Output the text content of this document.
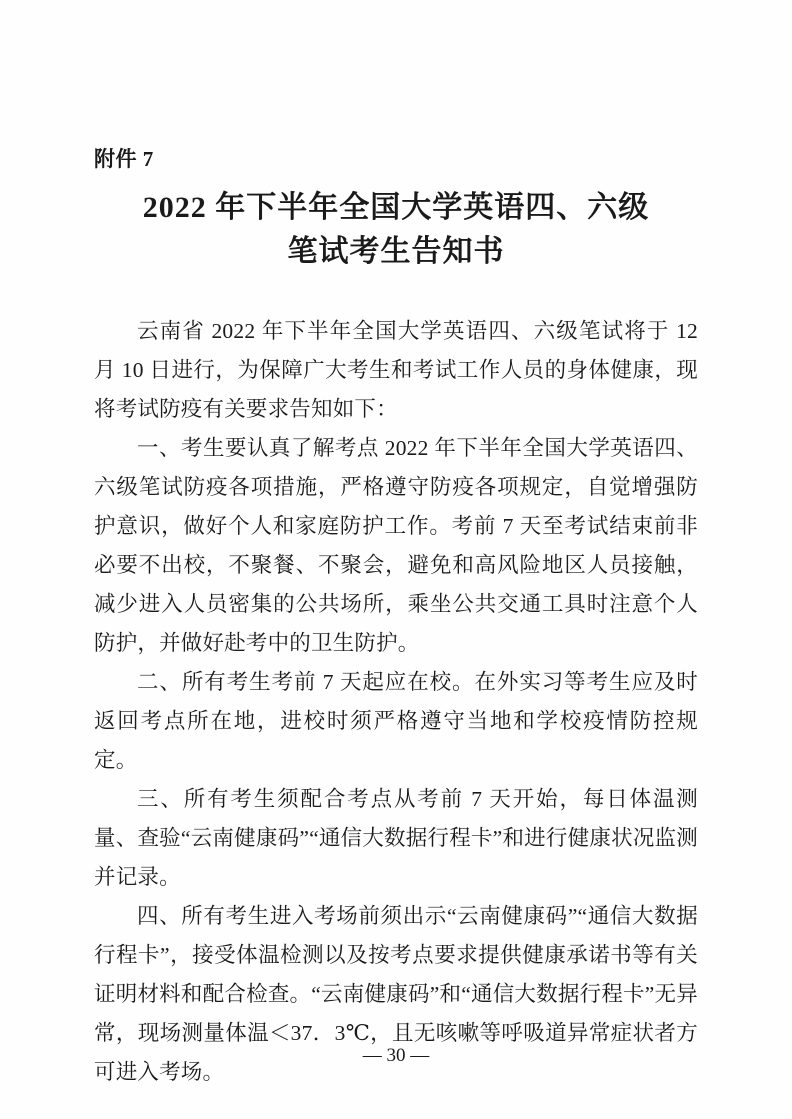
附件 7
2022 年下半年全国大学英语四、六级
笔试考生告知书

云南省 2022 年下半年全国大学英语四、六级笔试将于 12 月 10 日进行，为保障广大考生和考试工作人员的身体健康，现将考试防疫有关要求告知如下：

一、考生要认真了解考点 2022 年下半年全国大学英语四、六级笔试防疫各项措施，严格遵守防疫各项规定，自觉增强防护意识，做好个人和家庭防护工作。考前 7 天至考试结束前非必要不出校，不聚餐、不聚会，避免和高风险地区人员接触，减少进入人员密集的公共场所，乘坐公共交通工具时注意个人防护，并做好赴考中的卫生防护。

二、所有考生考前 7 天起应在校。在外实习等考生应及时返回考点所在地，进校时须严格遵守当地和学校疫情防控规定。

三、所有考生须配合考点从考前 7 天开始，每日体温测量、查验“云南健康码”“通信大数据行程卡”和进行健康状况监测并记录。

四、所有考生进入考场前须出示“云南健康码”“通信大数据行程卡”，接受体温检测以及按考点要求提供健康承诺书等有关证明材料和配合检查。“云南健康码”和“通信大数据行程卡”无异常，现场测量体温＜37．3℃，且无咳嗽等呼吸道异常症状者方可进入考场。

— 30 —
